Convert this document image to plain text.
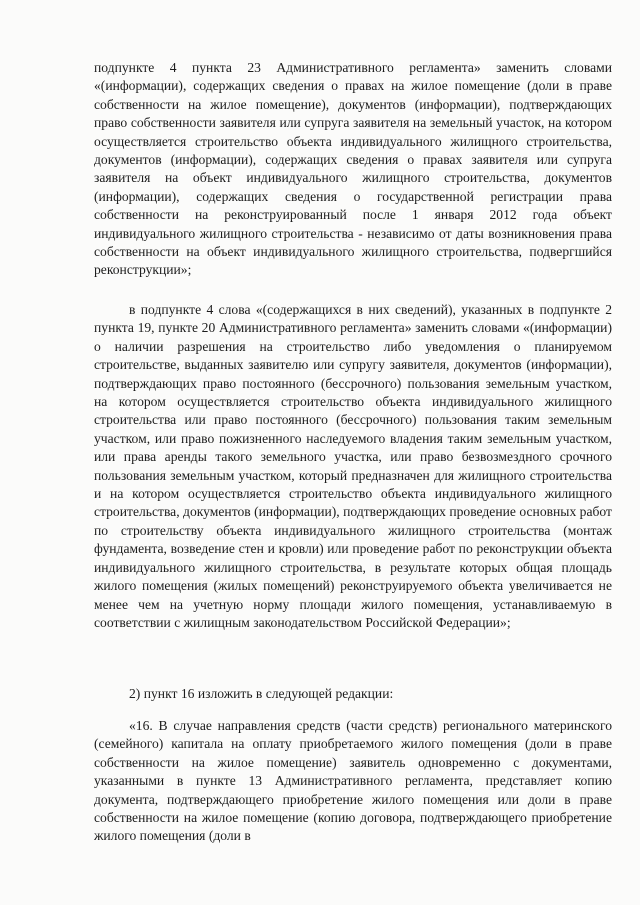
подпункте 4 пункта 23 Административного регламента» заменить словами «(информации), содержащих сведения о правах на жилое помещение (доли в праве собственности на жилое помещение), документов (информации), подтверждающих право собственности заявителя или супруга заявителя на земельный участок, на котором осуществляется строительство объекта индивидуального жилищного строительства, документов (информации), содержащих сведения о правах заявителя или супруга заявителя на объект индивидуального жилищного строительства, документов (информации), содержащих сведения о государственной регистрации права собственности на реконструированный после 1 января 2012 года объект индивидуального жилищного строительства - независимо от даты возникновения права собственности на объект индивидуального жилищного строительства, подвергшийся реконструкции»;

в подпункте 4 слова «(содержащихся в них сведений), указанных в подпункте 2 пункта 19, пункте 20 Административного регламента» заменить словами «(информации) о наличии разрешения на строительство либо уведомления о планируемом строительстве, выданных заявителю или супругу заявителя, документов (информации), подтверждающих право постоянного (бессрочного) пользования земельным участком, на котором осуществляется строительство объекта индивидуального жилищного строительства или право постоянного (бессрочного) пользования таким земельным участком, или право пожизненного наследуемого владения таким земельным участком, или права аренды такого земельного участка, или право безвозмездного срочного пользования земельным участком, который предназначен для жилищного строительства и на котором осуществляется строительство объекта индивидуального жилищного строительства, документов (информации), подтверждающих проведение основных работ по строительству объекта индивидуального жилищного строительства (монтаж фундамента, возведение стен и кровли) или проведение работ по реконструкции объекта индивидуального жилищного строительства, в результате которых общая площадь жилого помещения (жилых помещений) реконструируемого объекта увеличивается не менее чем на учетную норму площади жилого помещения, устанавливаемую в соответствии с жилищным законодательством Российской Федерации»;

2) пункт 16 изложить в следующей редакции:

«16. В случае направления средств (части средств) регионального материнского (семейного) капитала на оплату приобретаемого жилого помещения (доли в праве собственности на жилое помещение) заявитель одновременно с документами, указанными в пункте 13 Административного регламента, представляет копию документа, подтверждающего приобретение жилого помещения или доли в праве собственности на жилое помещение (копию договора, подтверждающего приобретение жилого помещения (доли в
